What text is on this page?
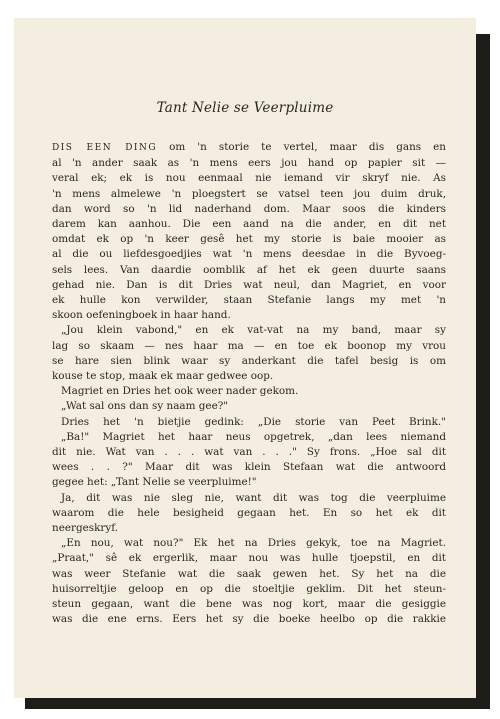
Tant Nelie se Veerpluime
DIS EEN DING om 'n storie te vertel, maar dis gans en
al 'n ander saak as 'n mens eers jou hand op papier sit —
veral ek; ek is nou eenmaal nie iemand vir skryf nie. As
'n mens almelewe 'n ploegstert se vatsel teen jou duim druk,
dan word so 'n lid naderhand dom. Maar soos die kinders
darem kan aanhou. Die een aand na die ander, en dit net
omdat ek op 'n keer gesê het my storie is baie mooier as
al die ou liefdesgoedjies wat 'n mens deesdae in die Byvoeg-
sels lees. Van daardie oomblik af het ek geen duurte saans
gehad nie. Dan is dit Dries wat neul, dan Magriet, en voor
ek hulle kon verwilder, staan Stefanie langs my met 'n
skoon oefeningboek in haar hand.
„Jou klein vabond," en ek vat-vat na my band, maar sy
lag so skaam — nes haar ma — en toe ek boonop my vrou
se hare sien blink waar sy anderkant die tafel besig is om
kouse te stop, maak ek maar gedwee oop.
Magriet en Dries het ook weer nader gekom.
„Wat sal ons dan sy naam gee?"
Dries het 'n bietjie gedink: „Die storie van Peet Brink."
„Ba!" Magriet het haar neus opgetrek, „dan lees niemand
dit nie. Wat van . . . wat van . . ." Sy frons. „Hoe sal dit
wees . . ?" Maar dit was klein Stefaan wat die antwoord
gegee het: „Tant Nelie se veerpluime!"
Ja, dit was nie sleg nie, want dit was tog die veerpluime
waarom die hele besigheid gegaan het. En so het ek dit
neergeskryf.
„En nou, wat nou?" Ek het na Dries gekyk, toe na Magriet.
„Praat," sê ek ergerlik, maar nou was hulle tjoepstil, en dit
was weer Stefanie wat die saak gewen het. Sy het na die
huisorreltjie geloop en op die stoeltjie geklim. Dit het steun-
steun gegaan, want die bene was nog kort, maar die gesiggie
was die ene erns. Eers het sy die boeke heelbo op die rakkie
